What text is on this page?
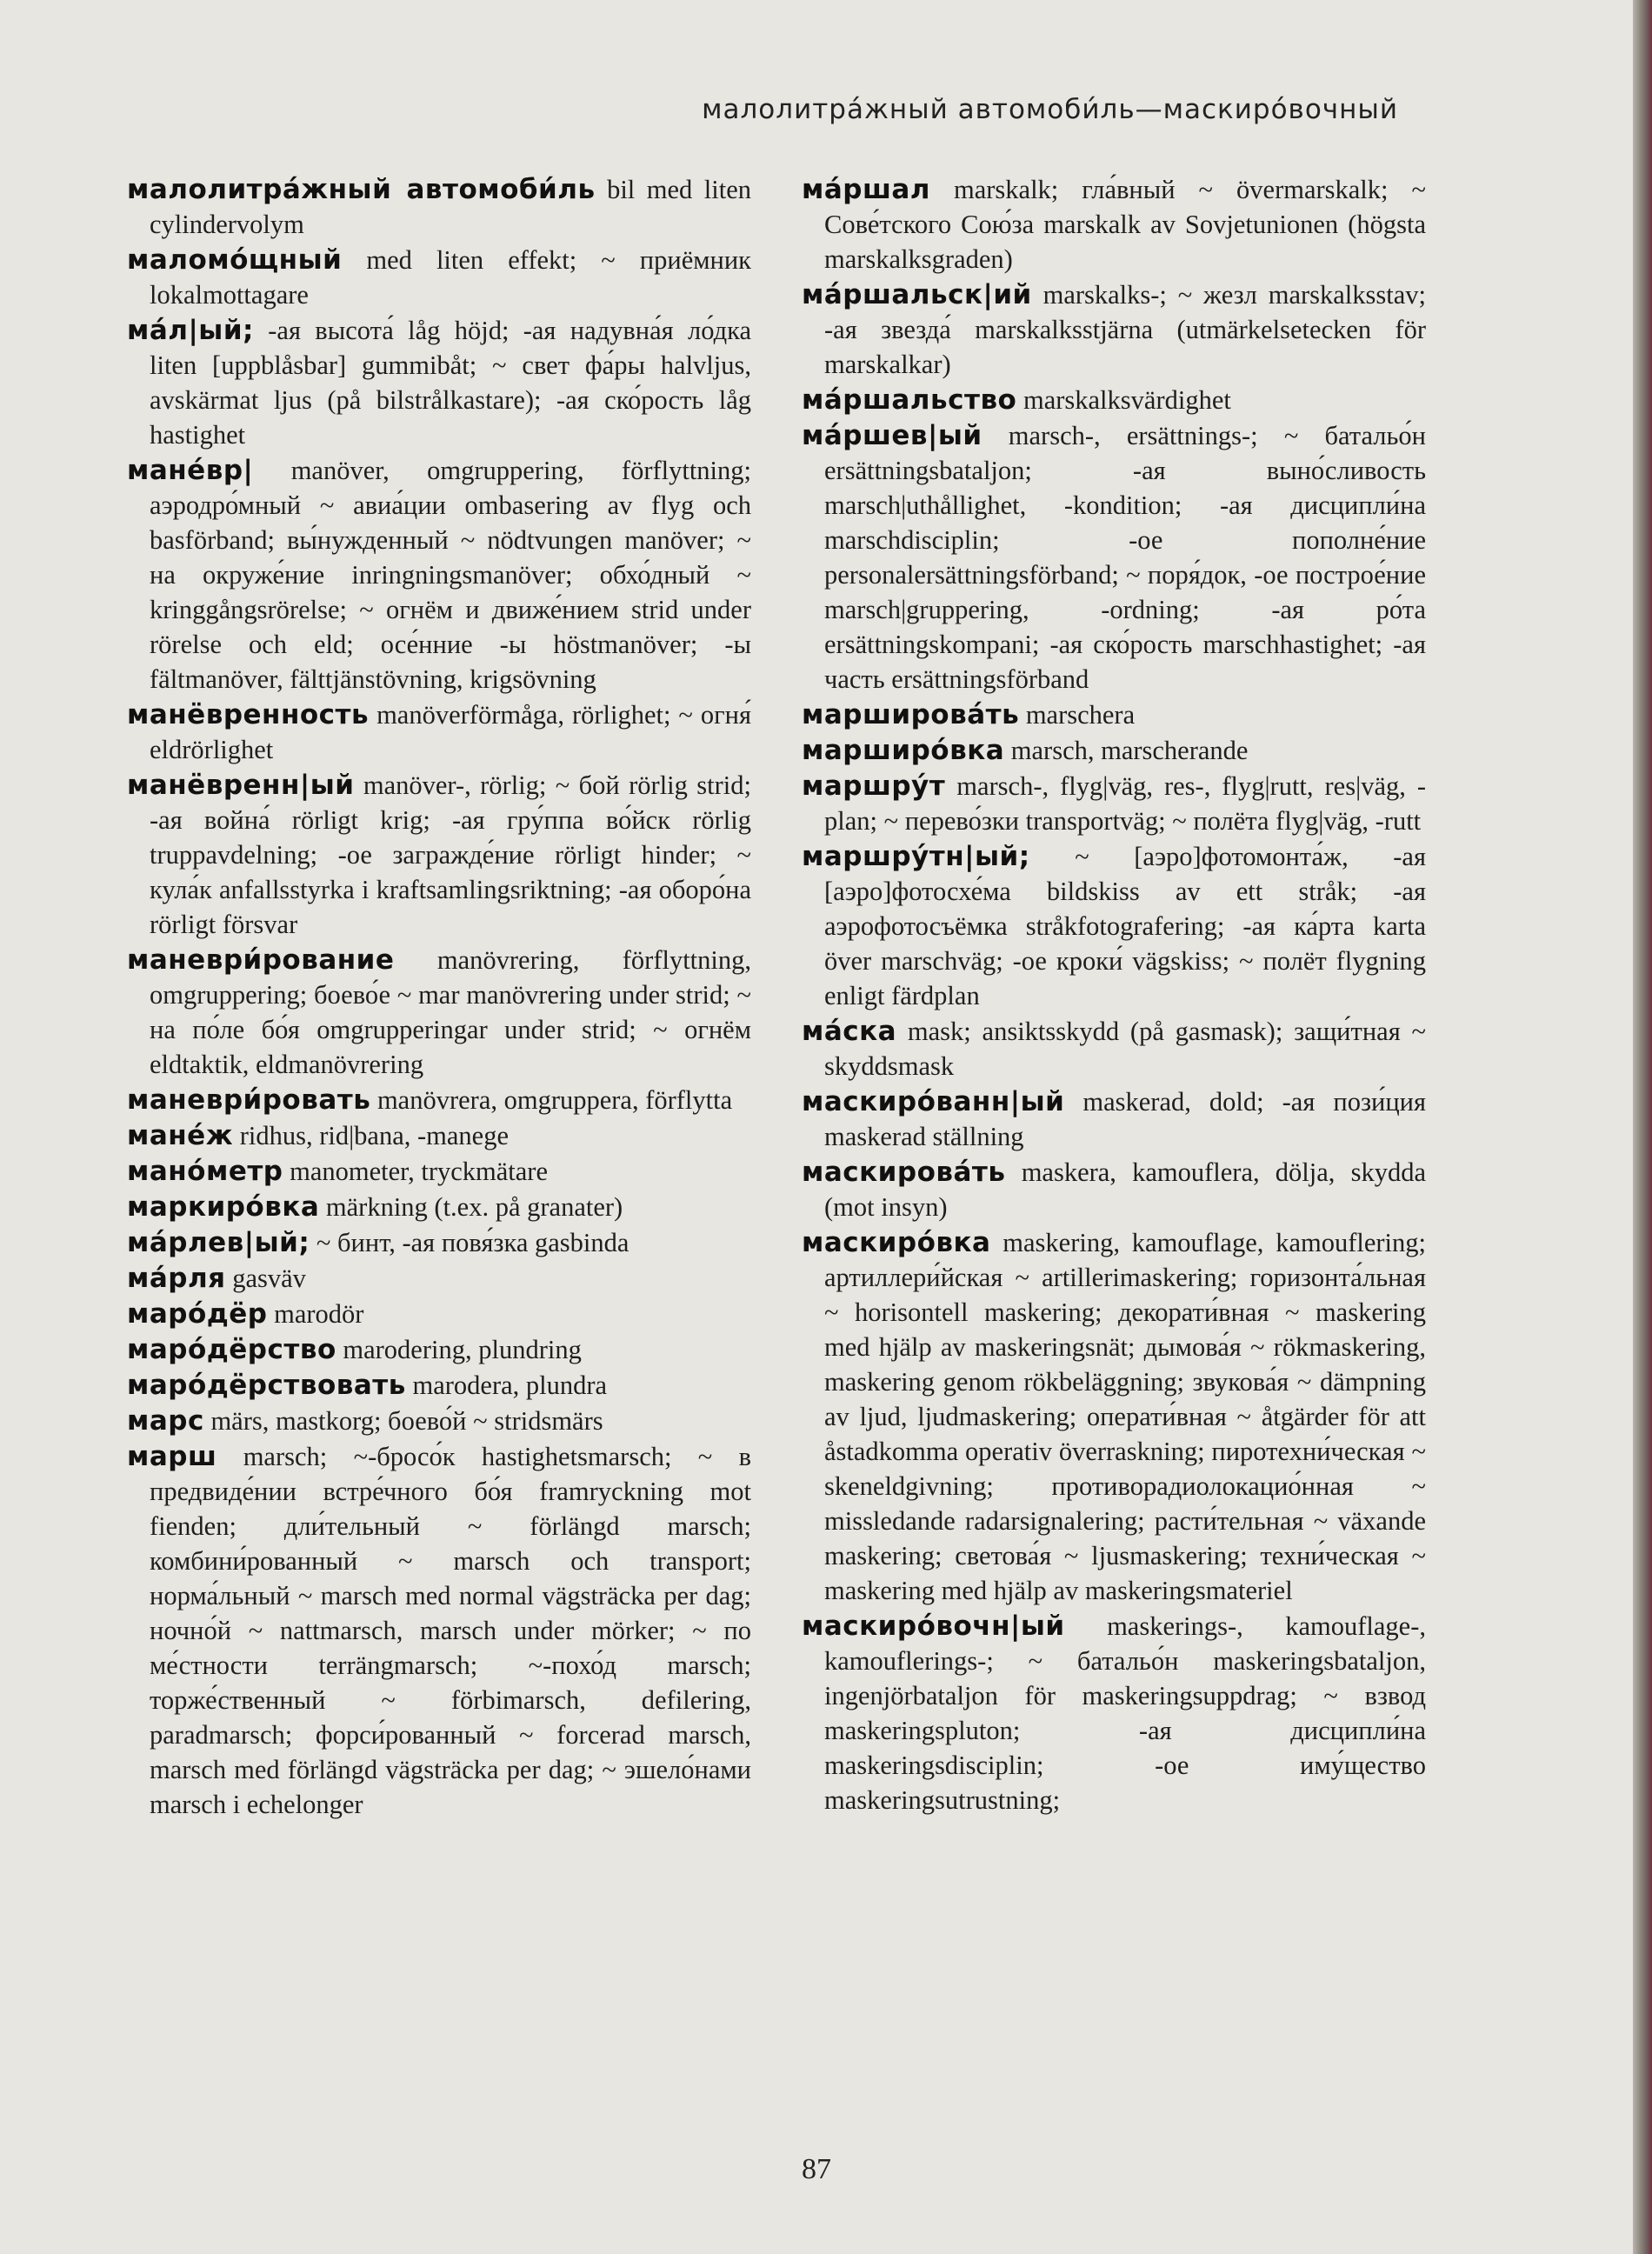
малолитра́жный автомоби́ль—маскиро́вочный

малолитра́жный автомоби́ль bil med liten cylindervolym

маломо́щный med liten effekt; ~ приёмник lokalmottagare

ма́л|ый; -ая высота́ låg höjd; -ая надувна́я ло́дка liten [uppblåsbar] gummibåt; ~ свет фа́ры halvljus, avskärmat ljus (på bilstrålkastare); -ая ско́рость låg hastighet

мане́вр| manöver, omgruppering, förflyttning; аэродро́мный ~ авиа́ции ombasering av flyg och basförband; вы́нужденный ~ nödtvungen manöver; ~ на окруже́ние inringningsmanöver; обхо́дный ~ kringgångsrörelse; ~ огнём и движе́нием strid under rörelse och eld; осе́нние -ы höstmanöver; -ы fältmanöver, fälttjänstövning, krigsövning

манёвренность manöverförmåga, rörlighet; ~ огня́ eldrörlighet

манёвренн|ый manöver-, rörlig; ~ бой rörlig strid; -ая война́ rörligt krig; -ая гру́ппа во́йск rörlig truppavdelning; -ое загражде́ние rörligt hinder; ~ кула́к anfallsstyrka i kraftsamlingsriktning; -ая оборо́на rörligt försvar

маневри́рование manövrering, förflyttning, omgruppering; боево́е ~ mar manövrering under strid; ~ на по́ле бо́я omgrupperingar under strid; ~ огнём eldtaktik, eldmanövrering

маневри́ровать manövrera, omgruppera, förflytta

мане́ж ridhus, rid|bana, -manege

мано́метр manometer, tryckmätare

маркиро́вка märkning (t.ex. på granater)

ма́рлев|ый; ~ бинт, -ая повя́зка gasbinda

ма́рля gasväv

маро́дёр marodör

маро́дёрство marodering, plundring

маро́дёрствовать marodera, plundra

марс märs, mastkorg; боево́й ~ stridsmärs

марш marsch; ~-бросо́к hastighetsmarsch; ~ в предвиде́нии встре́чного бо́я framryckning mot fienden; дли́тельный ~ förlängd marsch; комбини́рованный ~ marsch och transport; норма́льный ~ marsch med normal vägsträcka per dag; ночно́й ~ nattmarsch, marsch under mörker; ~ по ме́стности terrängmarsch; ~-похо́д marsch; торже́ственный ~ förbimarsch, defilering, paradmarsch; форси́рованный ~ forcerad marsch, marsch med förlängd vägsträcka per dag; ~ эшело́нами marsch i echelonger

ма́ршал marskalk; гла́вный ~ övermarskalk; ~ Сове́тского Сою́за marskalk av Sovjetunionen (högsta marskalksgraden)

ма́ршальск|ий marskalks-; ~ жезл marskalksstav; -ая звезда́ marskalksstjärna (utmärkelsetecken för marskalkar)

ма́ршальство marskalksvärdighet

ма́ршев|ый marsch-, ersättnings-; ~ батальо́н ersättningsbataljon; -ая выно́сливость marsch|uthållighet, -kondition; -ая дисципли́на marschdisciplin; -ое пополне́ние personalersättningsförband; ~ поря́док, -ое построе́ние marsch|gruppering, -ordning; -ая ро́та ersättningskompani; -ая ско́рость marschhastighet; -ая часть ersättningsförband

марширова́ть marschera

марширо́вка marsch, marscherande

маршру́т marsch-, flyg|väg, res-, flyg|rutt, res|väg, -plan; ~ перево́зки transportväg; ~ полёта flyg|väg, -rutt

маршру́тн|ый; ~ [аэро]фотомонта́ж, -ая [аэро]фотосхе́ма bildskiss av ett stråk; -ая аэрофотосъёмка stråkfotografering; -ая ка́рта karta över marschväg; -ое кроки́ vägskiss; ~ полёт flygning enligt färdplan

ма́ска mask; ansiktsskydd (på gasmask); защи́тная ~ skyddsmask

маскиро́ванн|ый maskerad, dold; -ая пози́ция maskerad ställning

маскирова́ть maskera, kamouflera, dölja, skydda (mot insyn)

маскиро́вка maskering, kamouflage, kamouflering; артиллери́йская ~ artillerimaskering; горизонта́льная ~ horisontell maskering; декорати́вная ~ maskering med hjälp av maskeringsnät; дымова́я ~ rökmaskering, maskering genom rökbeläggning; звукова́я ~ dämpning av ljud, ljudmaskering; операти́вная ~ åtgärder för att åstadkomma operativ överraskning; пиротехни́ческая ~ skeneldgivning; противорадиолокацио́нная ~ missledande radarsignalering; расти́тельная ~ växande maskering; светова́я ~ ljusmaskering; техни́ческая ~ maskering med hjälp av maskeringsmateriel

маскиро́вочн|ый maskerings-, kamouflage-, kamouflerings-; ~ батальо́н maskeringsbataljon, ingenjörbataljon för maskeringsuppdrag; ~ взвод maskeringspluton; -ая дисципли́на maskeringsdisciplin; -ое иму́щество maskeringsutrustning;

87
